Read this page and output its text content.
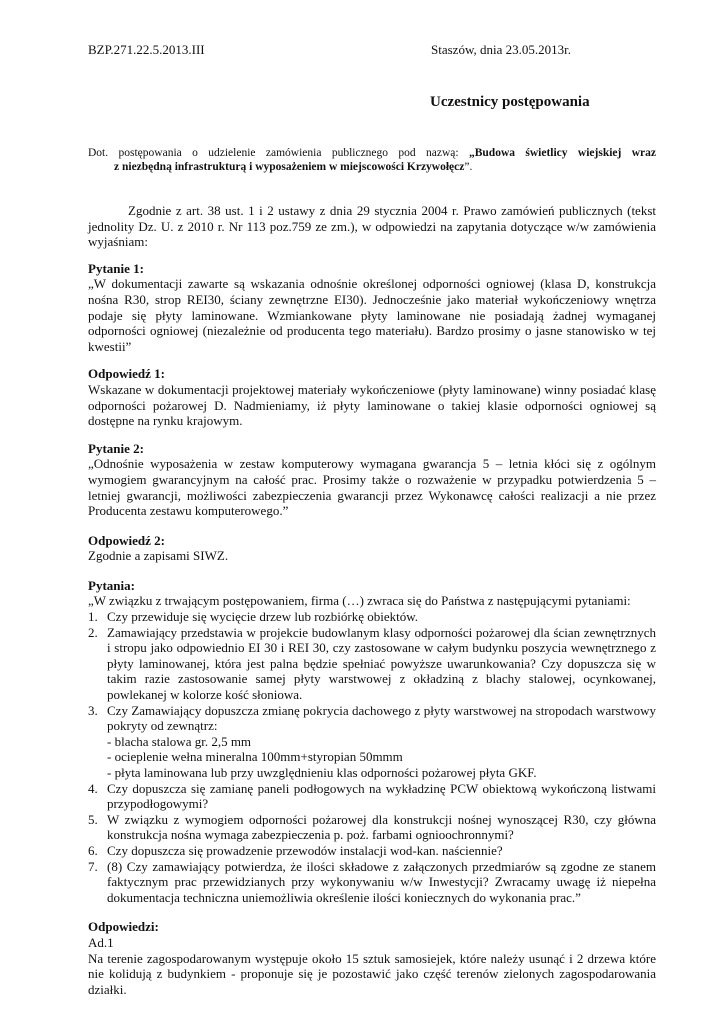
BZP.271.22.5.2013.III	Staszów, dnia 23.05.2013r.
Uczestnicy postępowania

Dot. postępowania o udzielenie zamówienia publicznego pod nazwą: „Budowa świetlicy wiejskiej wraz

z niezbędną infrastrukturą i wyposażeniem w miejscowości Krzywołęcz”.

Zgodnie z art. 38 ust. 1 i 2 ustawy z dnia 29 stycznia 2004 r. Prawo zamówień publicznych (tekst jednolity Dz. U. z 2010 r. Nr 113 poz.759 ze zm.), w odpowiedzi na zapytania dotyczące w/w zamówienia wyjaśniam:

Pytanie 1:

„W dokumentacji zawarte są wskazania odnośnie określonej odporności ogniowej (klasa D, konstrukcja nośna R30, strop REI30, ściany zewnętrzne EI30). Jednocześnie jako materiał wykończeniowy wnętrza podaje się płyty laminowane. Wzmiankowane płyty laminowane nie posiadają żadnej wymaganej odporności ogniowej (niezależnie od producenta tego materiału). Bardzo prosimy o jasne stanowisko w tej kwestii”

Odpowiedź 1:

Wskazane w dokumentacji projektowej materiały wykończeniowe (płyty laminowane) winny posiadać klasę odporności pożarowej D. Nadmieniamy, iż płyty laminowane o takiej klasie odporności ogniowej są dostępne na rynku krajowym.

Pytanie 2:

„Odnośnie wyposażenia w zestaw komputerowy wymagana gwarancja 5 – letnia kłóci się z ogólnym wymogiem gwarancyjnym na całość prac. Prosimy także o rozważenie w przypadku potwierdzenia 5 – letniej gwarancji, możliwości zabezpieczenia gwarancji przez Wykonawcę całości realizacji a nie przez Producenta zestawu komputerowego.”

Odpowiedź 2:

Zgodnie a zapisami SIWZ.

Pytania:

„W związku z trwającym postępowaniem, firma (…) zwraca się do Państwa z następującymi pytaniami:

1. Czy przewiduje się wycięcie drzew lub rozbiórkę obiektów.
2. Zamawiający przedstawia w projekcie budowlanym klasy odporności pożarowej dla ścian zewnętrznych i stropu jako odpowiednio EI 30 i REI 30, czy zastosowane w całym budynku poszycia wewnętrznego z płyty laminowanej, która jest palna będzie spełniać powyższe uwarunkowania? Czy dopuszcza się w takim razie zastosowanie samej płyty warstwowej z okładziną z blachy stalowej, ocynkowanej, powlekanej w kolorze kość słoniowa.
3. Czy Zamawiający dopuszcza zmianę pokrycia dachowego z płyty warstwowej na stropodach warstwowy pokryty od zewnątrz:
- blacha stalowa gr. 2,5 mm
- ocieplenie wełna mineralna 100mm+styropian 50mmm
- płyta laminowana lub przy uwzględnieniu klas odporności pożarowej płyta GKF.
4. Czy dopuszcza się zamianę paneli podłogowych na wykładzinę PCW obiektową wykończoną listwami przypodłogowymi?
5. W związku z wymogiem odporności pożarowej dla konstrukcji nośnej wynoszącej R30, czy główna konstrukcja nośna wymaga zabezpieczenia p. poż. farbami ognioochronnymi?
6. Czy dopuszcza się prowadzenie przewodów instalacji wod-kan. naściennie?
7. (8) Czy zamawiający potwierdza, że ilości składowe z załączonych przedmiarów są zgodne ze stanem faktycznym prac przewidzianych przy wykonywaniu w/w Inwestycji? Zwracamy uwagę iż niepełna dokumentacja techniczna uniemożliwia określenie ilości koniecznych do wykonania prac.”
Odpowiedzi:
Ad.1

Na terenie zagospodarowanym występuje około 15 sztuk samosiejek, które należy usunąć i 2 drzewa które nie kolidują z budynkiem - proponuje się je pozostawić jako część terenów zielonych zagospodarowania działki.
